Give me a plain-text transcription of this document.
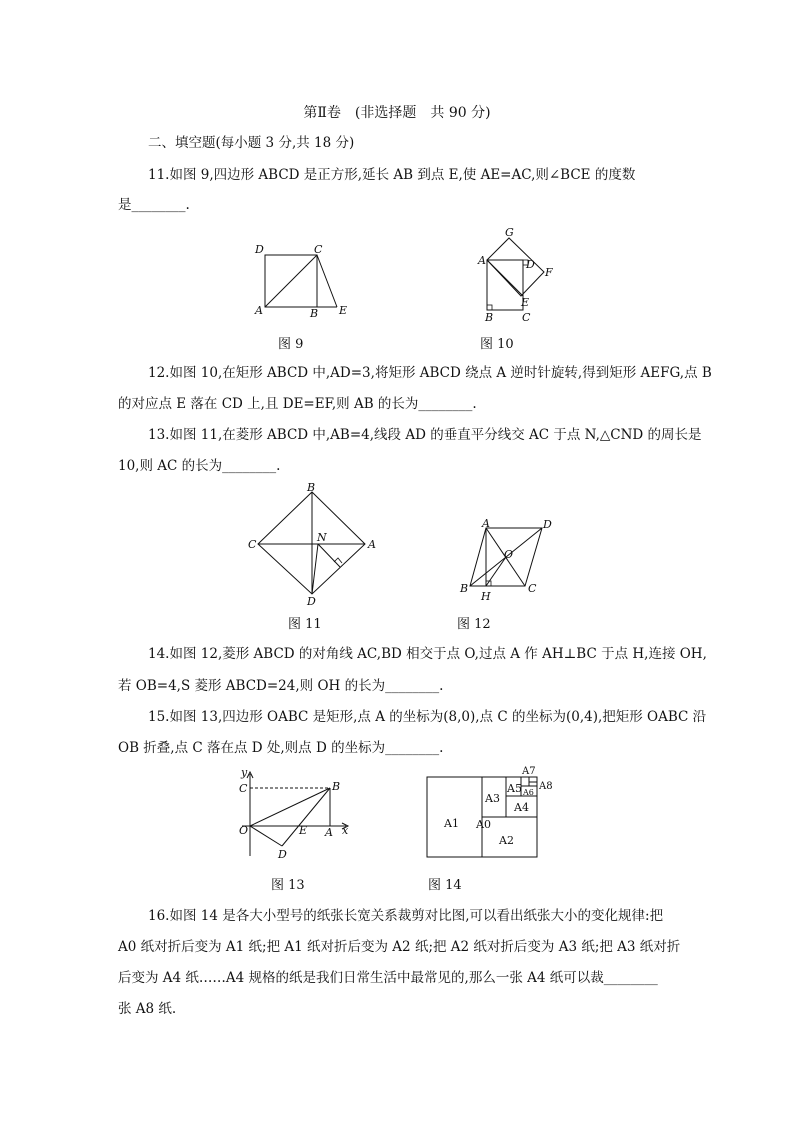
第Ⅱ卷　(非选择题　共 90 分)
二、填空题(每小题 3 分,共 18 分)
11.如图 9,四边形 ABCD 是正方形,延长 AB 到点 E,使 AE=AC,则∠BCE 的度数
是________.
D	C
A	B E
图 9
G
A	D
F
E
B	C
图 10
12.如图 10,在矩形 ABCD 中,AD=3,将矩形 ABCD 绕点 A 逆时针旋转,得到矩形 AEFG,点 B
的对应点 E 落在 CD 上,且 DE=EF,则 AB 的长为________.
13.如图 11,在菱形 ABCD 中,AB=4,线段 AD 的垂直平分线交 AC 于点 N,△CND 的周长是
10,则 AC 的长为________.
B
C	A
N
D
图 11
A	D
O
B
H
C
图 12
14.如图 12,菱形 ABCD 的对角线 AC,BD 相交于点 O,过点 A 作 AH⊥BC 于点 H,连接 OH,
若 OB=4,S 菱形 ABCD=24,则 OH 的长为________.
15.如图 13,四边形 OABC 是矩形,点 A 的坐标为(8,0),点 C 的坐标为(0,4),把矩形 OABC 沿
OB 折叠,点 C 落在点 D 处,则点 D 的坐标为________.
y
x
C	B
O	A
E
D
图 13
A1 A0
A2
A3
A4
A5 A6
A7
A8
图 14
16.如图 14 是各大小型号的纸张长宽关系裁剪对比图,可以看出纸张大小的变化规律:把
A0 纸对折后变为 A1 纸;把 A1 纸对折后变为 A2 纸;把 A2 纸对折后变为 A3 纸;把 A3 纸对折
后变为 A4 纸……A4 规格的纸是我们日常生活中最常见的,那么一张 A4 纸可以裁________
张 A8 纸.
